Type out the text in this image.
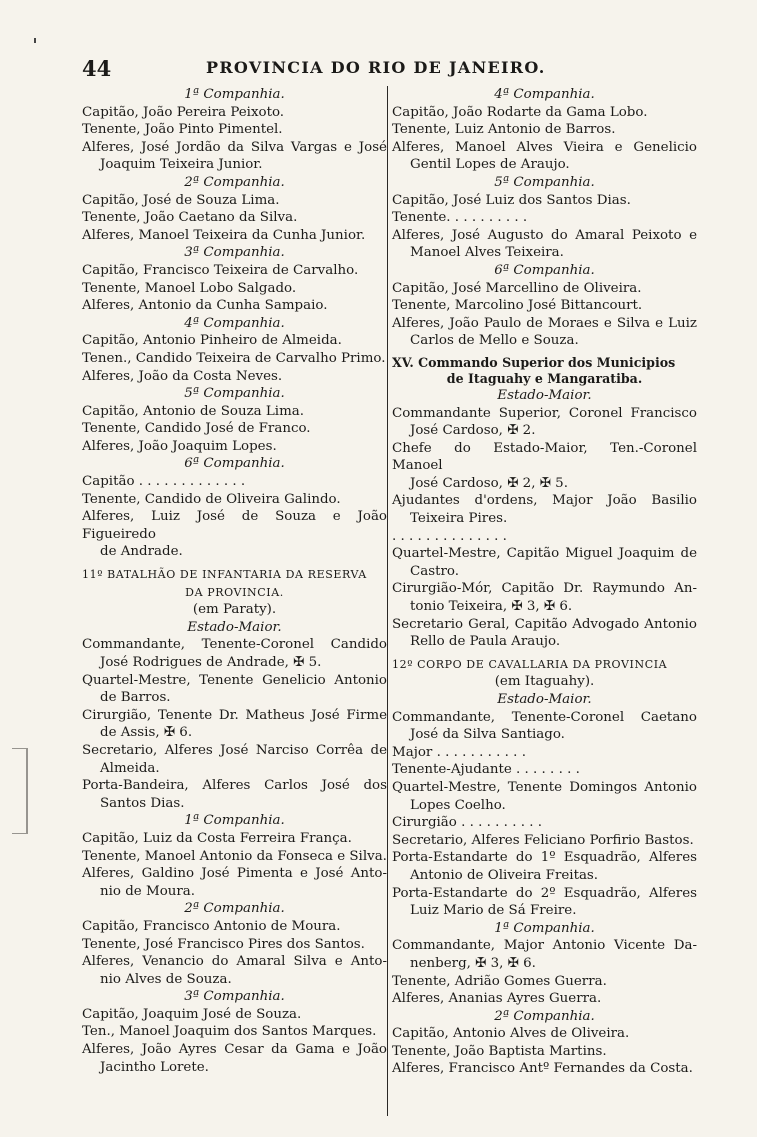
44	PROVINCIA DO RIO DE JANEIRO.
1ª Companhia.
Capitão, João Pereira Peixoto.
Tenente, João Pinto Pimentel.
Alferes, José Jordão da Silva Vargas e José
Joaquim Teixeira Junior.
2ª Companhia.
Capitão, José de Souza Lima.
Tenente, João Caetano da Silva.
Alferes, Manoel Teixeira da Cunha Junior.
3ª Companhia.
Capitão, Francisco Teixeira de Carvalho.
Tenente, Manoel Lobo Salgado.
Alferes, Antonio da Cunha Sampaio.
4ª Companhia.
Capitão, Antonio Pinheiro de Almeida.
Tenen., Candido Teixeira de Carvalho Primo.
Alferes, João da Costa Neves.
5ª Companhia.
Capitão, Antonio de Souza Lima.
Tenente, Candido José de Franco.
Alferes, João Joaquim Lopes.
6ª Companhia.
Capitão . . . . . . . . . . . . .
Tenente, Candido de Oliveira Galindo.
Alferes, Luiz José de Souza e João Figueiredo
de Andrade.
11º BATALHÃO DE INFANTARIA DA RESERVA
DA PROVINCIA.
(em Paraty).
Estado-Maior.
Commandante, Tenente-Coronel Candido
José Rodrigues de Andrade, ✠ 5.
Quartel-Mestre, Tenente Genelicio Antonio
de Barros.
Cirurgião, Tenente Dr. Matheus José Firme
de Assis, ✠ 6.
Secretario, Alferes José Narciso Corrêa de
Almeida.
Porta-Bandeira, Alferes Carlos José dos
Santos Dias.
1ª Companhia.
Capitão, Luiz da Costa Ferreira França.
Tenente, Manoel Antonio da Fonseca e Silva.
Alferes, Galdino José Pimenta e José Anto-
nio de Moura.
2ª Companhia.
Capitão, Francisco Antonio de Moura.
Tenente, José Francisco Pires dos Santos.
Alferes, Venancio do Amaral Silva e Anto-
nio Alves de Souza.
3ª Companhia.
Capitão, Joaquim José de Souza.
Ten., Manoel Joaquim dos Santos Marques.
Alferes, João Ayres Cesar da Gama e João
Jacintho Lorete.
4ª Companhia.
Capitão, João Rodarte da Gama Lobo.
Tenente, Luiz Antonio de Barros.
Alferes, Manoel Alves Vieira e Genelicio
Gentil Lopes de Araujo.
5ª Companhia.
Capitão, José Luiz dos Santos Dias.
Tenente. . . . . . . . . .
Alferes, José Augusto do Amaral Peixoto e
Manoel Alves Teixeira.
6ª Companhia.
Capitão, José Marcellino de Oliveira.
Tenente, Marcolino José Bittancourt.
Alferes, João Paulo de Moraes e Silva e Luiz
Carlos de Mello e Souza.
XV. Commando Superior dos Municipios
de Itaguahy e Mangaratiba.
Estado-Maior.
Commandante Superior, Coronel Francisco
José Cardoso, ✠ 2.
Chefe do Estado-Maior, Ten.-Coronel Manoel
José Cardoso, ✠ 2, ✠ 5.
Ajudantes d'ordens, Major João Basilio
Teixeira Pires.
. . . . . . . . . . . . . .
Quartel-Mestre, Capitão Miguel Joaquim de
Castro.
Cirurgião-Mór, Capitão Dr. Raymundo An-
tonio Teixeira, ✠ 3, ✠ 6.
Secretario Geral, Capitão Advogado Antonio
Rello de Paula Araujo.
12º CORPO DE CAVALLARIA DA PROVINCIA
(em Itaguahy).
Estado-Maior.
Commandante, Tenente-Coronel Caetano
José da Silva Santiago.
Major . . . . . . . . . . .
Tenente-Ajudante . . . . . . . .
Quartel-Mestre, Tenente Domingos Antonio
Lopes Coelho.
Cirurgião . . . . . . . . . .
Secretario, Alferes Feliciano Porfirio Bastos.
Porta-Estandarte do 1º Esquadrão, Alferes
Antonio de Oliveira Freitas.
Porta-Estandarte do 2º Esquadrão, Alferes
Luiz Mario de Sá Freire.
1ª Companhia.
Commandante, Major Antonio Vicente Da-
nenberg, ✠ 3, ✠ 6.
Tenente, Adrião Gomes Guerra.
Alferes, Ananias Ayres Guerra.
2ª Companhia.
Capitão, Antonio Alves de Oliveira.
Tenente, João Baptista Martins.
Alferes, Francisco Antº Fernandes da Costa.
